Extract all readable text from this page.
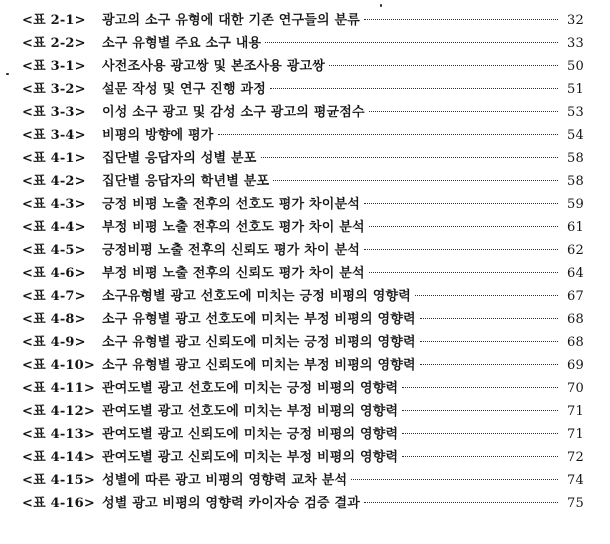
<표 2-1>	광고의 소구 유형에 대한 기존 연구들의 분류	32
<표 2-2>	소구 유형별 주요 소구 내용	33
<표 3-1>	사전조사용 광고쌍 및 본조사용 광고쌍	50
<표 3-2>	설문 작성 및 연구 진행 과정	51
<표 3-3>	이성 소구 광고 및 감성 소구 광고의 평균점수	53
<표 3-4>	비평의 방향에 평가	54
<표 4-1>	집단별 응답자의 성별 분포	58
<표 4-2>	집단별 응답자의 학년별 분포	58
<표 4-3>	긍정 비평 노출 전후의 선호도 평가 차이분석	59
<표 4-4>	부정 비평 노출 전후의 선호도 평가 차이 분석	61
<표 4-5>	긍정비평 노출 전후의 신뢰도 평가 차이 분석	62
<표 4-6>	부정 비평 노출 전후의 신뢰도 평가 차이 분석	64
<표 4-7>	소구유형별 광고 선호도에 미치는 긍정 비평의 영향력	67
<표 4-8>	소구 유형별 광고 선호도에 미치는 부정 비평의 영향력	68
<표 4-9>	소구 유형별 광고 신뢰도에 미치는 긍정 비평의 영향력	68
<표 4-10> 소구 유형별 광고 신뢰도에 미치는 부정 비평의 영향력	69
<표 4-11> 관여도별 광고 선호도에 미치는 긍정 비평의 영향력	70
<표 4-12> 관여도별 광고 선호도에 미치는 부정 비평의 영향력	71
<표 4-13> 관여도별 광고 신뢰도에 미치는 긍정 비평의 영향력	71
<표 4-14> 관여도별 광고 신뢰도에 미치는 부정 비평의 영향력	72
<표 4-15> 성별에 따른 광고 비평의 영향력 교차 분석	74
<표 4-16> 성별 광고 비평의 영향력 카이자승 검증 결과	75
